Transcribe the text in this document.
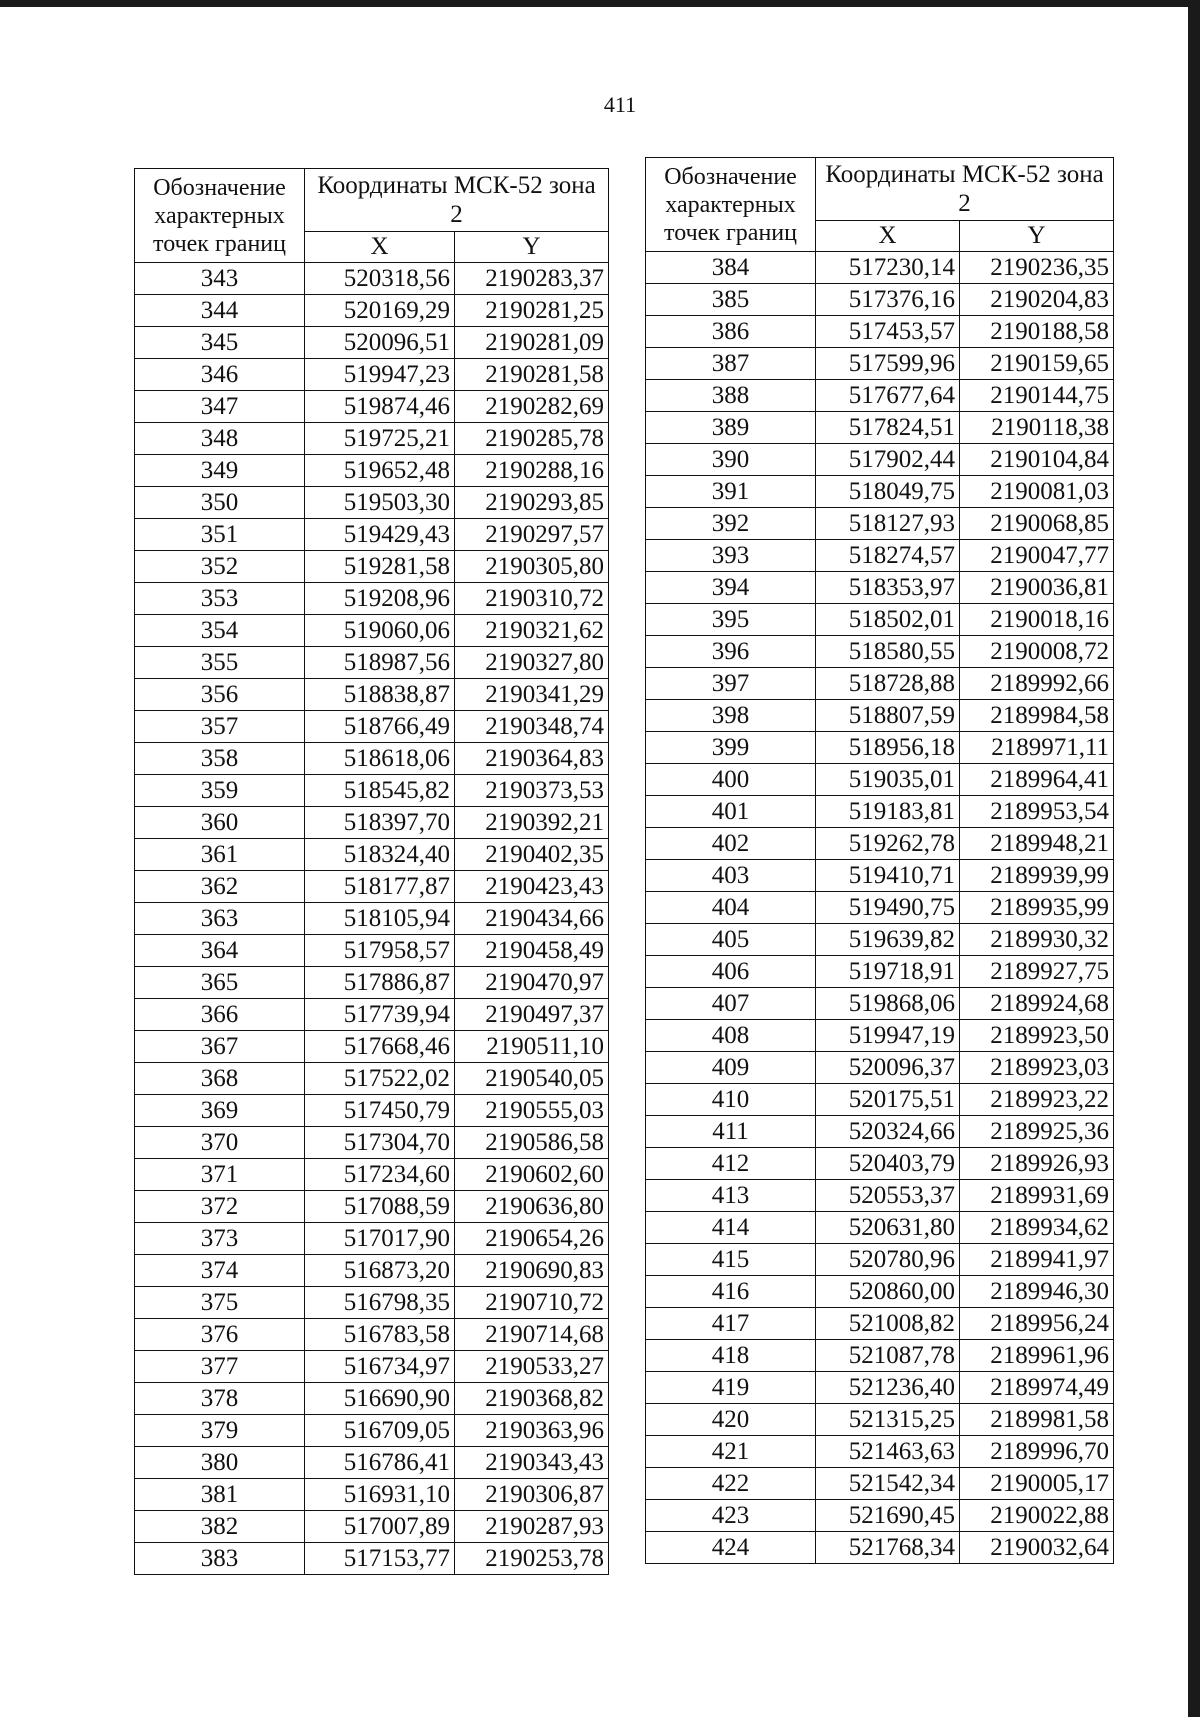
411
Обозначение характерных точек границ	Координаты МСК-52 зона 2	
	X	Y
343	520318,56	2190283,37
344	520169,29	2190281,25
345	520096,51	2190281,09
346	519947,23	2190281,58
347	519874,46	2190282,69
348	519725,21	2190285,78
349	519652,48	2190288,16
350	519503,30	2190293,85
351	519429,43	2190297,57
352	519281,58	2190305,80
353	519208,96	2190310,72
354	519060,06	2190321,62
355	518987,56	2190327,80
356	518838,87	2190341,29
357	518766,49	2190348,74
358	518618,06	2190364,83
359	518545,82	2190373,53
360	518397,70	2190392,21
361	518324,40	2190402,35
362	518177,87	2190423,43
363	518105,94	2190434,66
364	517958,57	2190458,49
365	517886,87	2190470,97
366	517739,94	2190497,37
367	517668,46	2190511,10
368	517522,02	2190540,05
369	517450,79	2190555,03
370	517304,70	2190586,58
371	517234,60	2190602,60
372	517088,59	2190636,80
373	517017,90	2190654,26
374	516873,20	2190690,83
375	516798,35	2190710,72
376	516783,58	2190714,68
377	516734,97	2190533,27
378	516690,90	2190368,82
379	516709,05	2190363,96
380	516786,41	2190343,43
381	516931,10	2190306,87
382	517007,89	2190287,93
383	517153,77	2190253,78
Обозначение характерных точек границ	Координаты МСК-52 зона 2	
	X	Y
384	517230,14	2190236,35
385	517376,16	2190204,83
386	517453,57	2190188,58
387	517599,96	2190159,65
388	517677,64	2190144,75
389	517824,51	2190118,38
390	517902,44	2190104,84
391	518049,75	2190081,03
392	518127,93	2190068,85
393	518274,57	2190047,77
394	518353,97	2190036,81
395	518502,01	2190018,16
396	518580,55	2190008,72
397	518728,88	2189992,66
398	518807,59	2189984,58
399	518956,18	2189971,11
400	519035,01	2189964,41
401	519183,81	2189953,54
402	519262,78	2189948,21
403	519410,71	2189939,99
404	519490,75	2189935,99
405	519639,82	2189930,32
406	519718,91	2189927,75
407	519868,06	2189924,68
408	519947,19	2189923,50
409	520096,37	2189923,03
410	520175,51	2189923,22
411	520324,66	2189925,36
412	520403,79	2189926,93
413	520553,37	2189931,69
414	520631,80	2189934,62
415	520780,96	2189941,97
416	520860,00	2189946,30
417	521008,82	2189956,24
418	521087,78	2189961,96
419	521236,40	2189974,49
420	521315,25	2189981,58
421	521463,63	2189996,70
422	521542,34	2190005,17
423	521690,45	2190022,88
424	521768,34	2190032,64
